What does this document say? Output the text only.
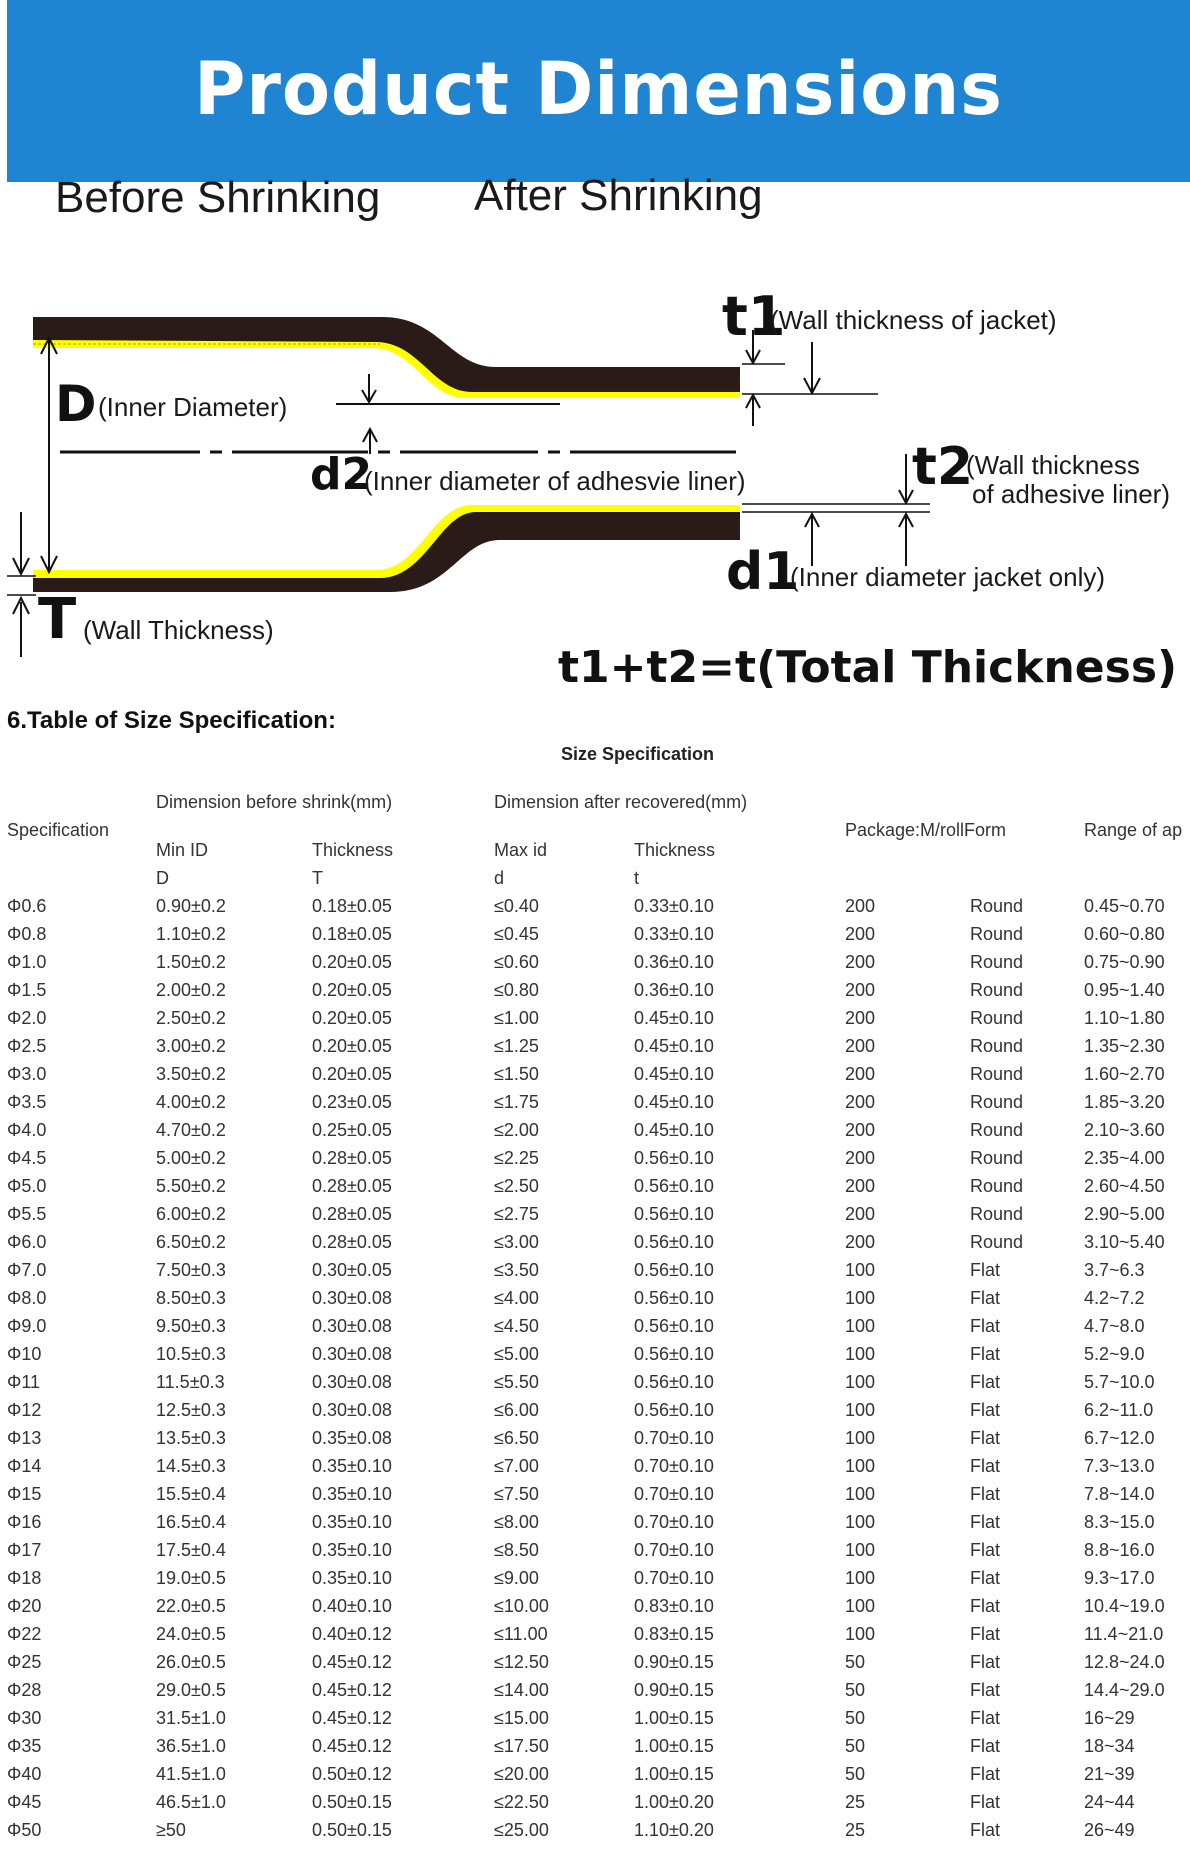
Product Dimensions
Before Shrinking After Shrinking
t1
(Wall thickness of jacket)
D (Inner Diameter)
d2
(Inner diameter of adhesvie liner)	t2
(Wall thickness
of adhesive liner)
d1
(Inner diameter jacket only)
T (Wall Thickness)
t1+t2=t(Total Thickness)
6.Table of Size Specification:
Size Specification
Specification
Dimension before shrink(mm)	Dimension after recovered(mm)
Package:M/rollForm	Range of ap
Min ID	Thickness	Max id	Thickness
D	T	d	t
Φ0.6	0.90±0.2	0.18±0.05	≤0.40	0.33±0.10	200	Round	0.45~0.70
Φ0.8	1.10±0.2	0.18±0.05	≤0.45	0.33±0.10	200	Round	0.60~0.80
Φ1.0	1.50±0.2	0.20±0.05	≤0.60	0.36±0.10	200	Round	0.75~0.90
Φ1.5	2.00±0.2	0.20±0.05	≤0.80	0.36±0.10	200	Round	0.95~1.40
Φ2.0	2.50±0.2	0.20±0.05	≤1.00	0.45±0.10	200	Round	1.10~1.80
Φ2.5	3.00±0.2	0.20±0.05	≤1.25	0.45±0.10	200	Round	1.35~2.30
Φ3.0	3.50±0.2	0.20±0.05	≤1.50	0.45±0.10	200	Round	1.60~2.70
Φ3.5	4.00±0.2	0.23±0.05	≤1.75	0.45±0.10	200	Round	1.85~3.20
Φ4.0	4.70±0.2	0.25±0.05	≤2.00	0.45±0.10	200	Round	2.10~3.60
Φ4.5	5.00±0.2	0.28±0.05	≤2.25	0.56±0.10	200	Round	2.35~4.00
Φ5.0	5.50±0.2	0.28±0.05	≤2.50	0.56±0.10	200	Round	2.60~4.50
Φ5.5	6.00±0.2	0.28±0.05	≤2.75	0.56±0.10	200	Round	2.90~5.00
Φ6.0	6.50±0.2	0.28±0.05	≤3.00	0.56±0.10	200	Round	3.10~5.40
Φ7.0	7.50±0.3	0.30±0.05	≤3.50	0.56±0.10	100	Flat	3.7~6.3
Φ8.0	8.50±0.3	0.30±0.08	≤4.00	0.56±0.10	100	Flat	4.2~7.2
Φ9.0	9.50±0.3	0.30±0.08	≤4.50	0.56±0.10	100	Flat	4.7~8.0
Φ10	10.5±0.3	0.30±0.08	≤5.00	0.56±0.10	100	Flat	5.2~9.0
Φ11	11.5±0.3	0.30±0.08	≤5.50	0.56±0.10	100	Flat	5.7~10.0
Φ12	12.5±0.3	0.30±0.08	≤6.00	0.56±0.10	100	Flat	6.2~11.0
Φ13	13.5±0.3	0.35±0.08	≤6.50	0.70±0.10	100	Flat	6.7~12.0
Φ14	14.5±0.3	0.35±0.10	≤7.00	0.70±0.10	100	Flat	7.3~13.0
Φ15	15.5±0.4	0.35±0.10	≤7.50	0.70±0.10	100	Flat	7.8~14.0
Φ16	16.5±0.4	0.35±0.10	≤8.00	0.70±0.10	100	Flat	8.3~15.0
Φ17	17.5±0.4	0.35±0.10	≤8.50	0.70±0.10	100	Flat	8.8~16.0
Φ18	19.0±0.5	0.35±0.10	≤9.00	0.70±0.10	100	Flat	9.3~17.0
Φ20	22.0±0.5	0.40±0.10	≤10.00	0.83±0.10	100	Flat	10.4~19.0
Φ22	24.0±0.5	0.40±0.12	≤11.00	0.83±0.15	100	Flat	11.4~21.0
Φ25	26.0±0.5	0.45±0.12	≤12.50	0.90±0.15	50	Flat	12.8~24.0
Φ28	29.0±0.5	0.45±0.12	≤14.00	0.90±0.15	50	Flat	14.4~29.0
Φ30	31.5±1.0	0.45±0.12	≤15.00	1.00±0.15	50	Flat	16~29
Φ35	36.5±1.0	0.45±0.12	≤17.50	1.00±0.15	50	Flat	18~34
Φ40	41.5±1.0	0.50±0.12	≤20.00	1.00±0.15	50	Flat	21~39
Φ45	46.5±1.0	0.50±0.15	≤22.50	1.00±0.20	25	Flat	24~44
Φ50	≥50	0.50±0.15	≤25.00	1.10±0.20	25	Flat	26~49
